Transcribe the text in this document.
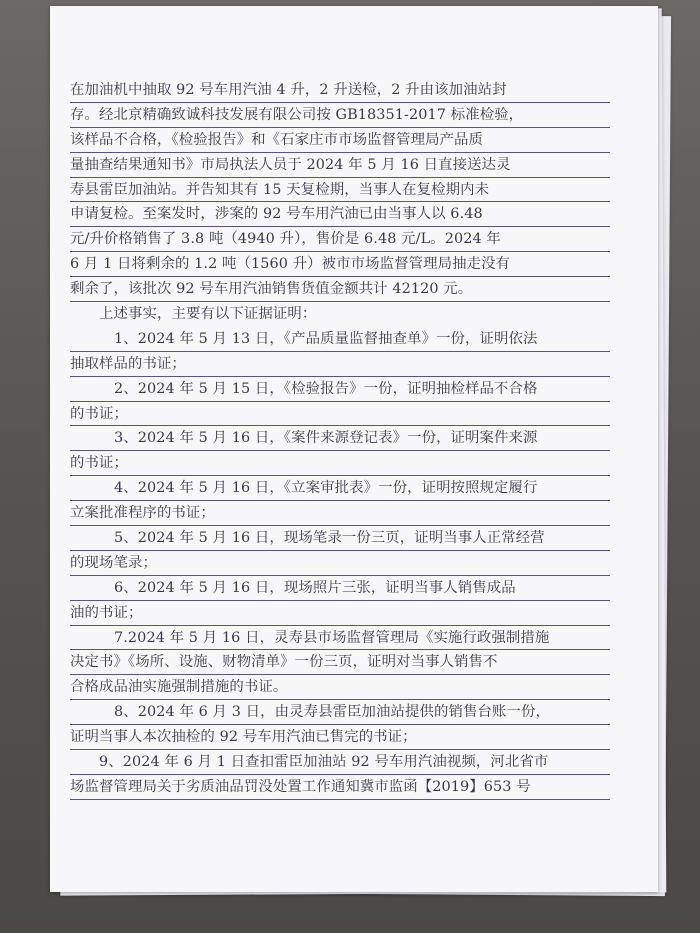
在加油机中抽取 92 号车用汽油 4 升，2 升送检，2 升由该加油站封
存。经北京精确致诚科技发展有限公司按 GB18351-2017 标准检验，
该样品不合格，《检验报告》和《石家庄市市场监督管理局产品质
量抽查结果通知书》市局执法人员于 2024 年 5 月 16 日直接送达灵
寿县雷臣加油站。并告知其有 15 天复检期，当事人在复检期内未
申请复检。至案发时，涉案的 92 号车用汽油已由当事人以 6.48
元/升价格销售了 3.8 吨（4940 升），售价是 6.48 元/L。2024 年
6 月 1 日将剩余的 1.2 吨（1560 升）被市市场监督管理局抽走没有
剩余了，该批次 92 号车用汽油销售货值金额共计 42120 元。
上述事实，主要有以下证据证明：
1、2024 年 5 月 13 日，《产品质量监督抽查单》一份，证明依法
抽取样品的书证；
2、2024 年 5 月 15 日，《检验报告》一份，证明抽检样品不合格
的书证；
3、2024 年 5 月 16 日，《案件来源登记表》一份，证明案件来源
的书证；
4、2024 年 5 月 16 日，《立案审批表》一份，证明按照规定履行
立案批准程序的书证；
5、2024 年 5 月 16 日，现场笔录一份三页，证明当事人正常经营
的现场笔录；
6、2024 年 5 月 16 日，现场照片三张，证明当事人销售成品
油的书证；
7.2024 年 5 月 16 日，灵寿县市场监督管理局《实施行政强制措施
决定书》《场所、设施、财物清单》一份三页，证明对当事人销售不
合格成品油实施强制措施的书证。
8、2024 年 6 月 3 日，由灵寿县雷臣加油站提供的销售台账一份，
证明当事人本次抽检的 92 号车用汽油已售完的书证；
9、2024 年 6 月 1 日查扣雷臣加油站 92 号车用汽油视频，河北省市
场监督管理局关于劣质油品罚没处置工作通知冀市监函【2019】653 号
